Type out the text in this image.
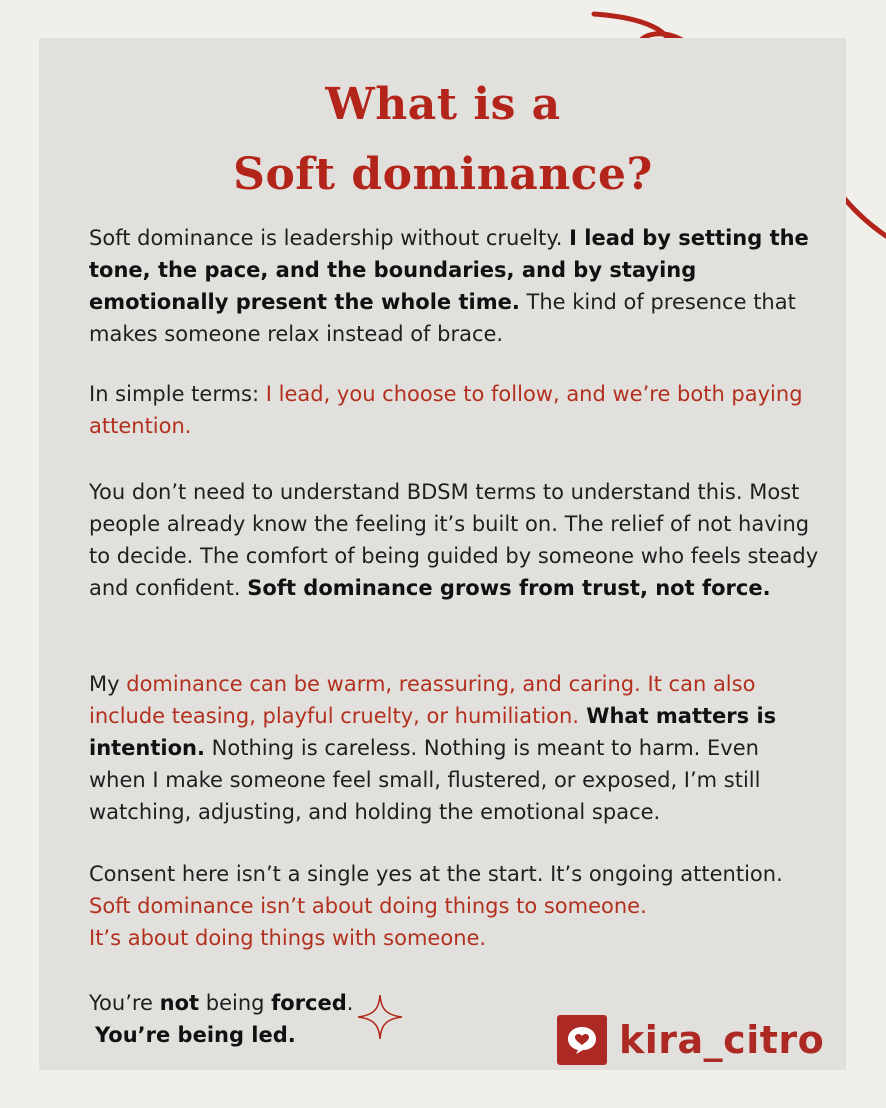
What is a
Soft dominance?

Soft dominance is leadership without cruelty. I lead by setting the tone, the pace, and the boundaries, and by staying emotionally present the whole time. The kind of presence that makes someone relax instead of brace.

In simple terms: I lead, you choose to follow, and we’re both paying attention.

You don’t need to understand BDSM terms to understand this. Most people already know the feeling it’s built on. The relief of not having to decide. The comfort of being guided by someone who feels steady and confident. Soft dominance grows from trust, not force.

My dominance can be warm, reassuring, and caring. It can also include teasing, playful cruelty, or humiliation. What matters is intention. Nothing is careless. Nothing is meant to harm. Even when I make someone feel small, flustered, or exposed, I’m still watching, adjusting, and holding the emotional space.

Consent here isn’t a single yes at the start. It’s ongoing attention.

Soft dominance isn’t about doing things to someone.

It’s about doing things with someone.

You’re not being forced.

You’re being led.	kira_citro
